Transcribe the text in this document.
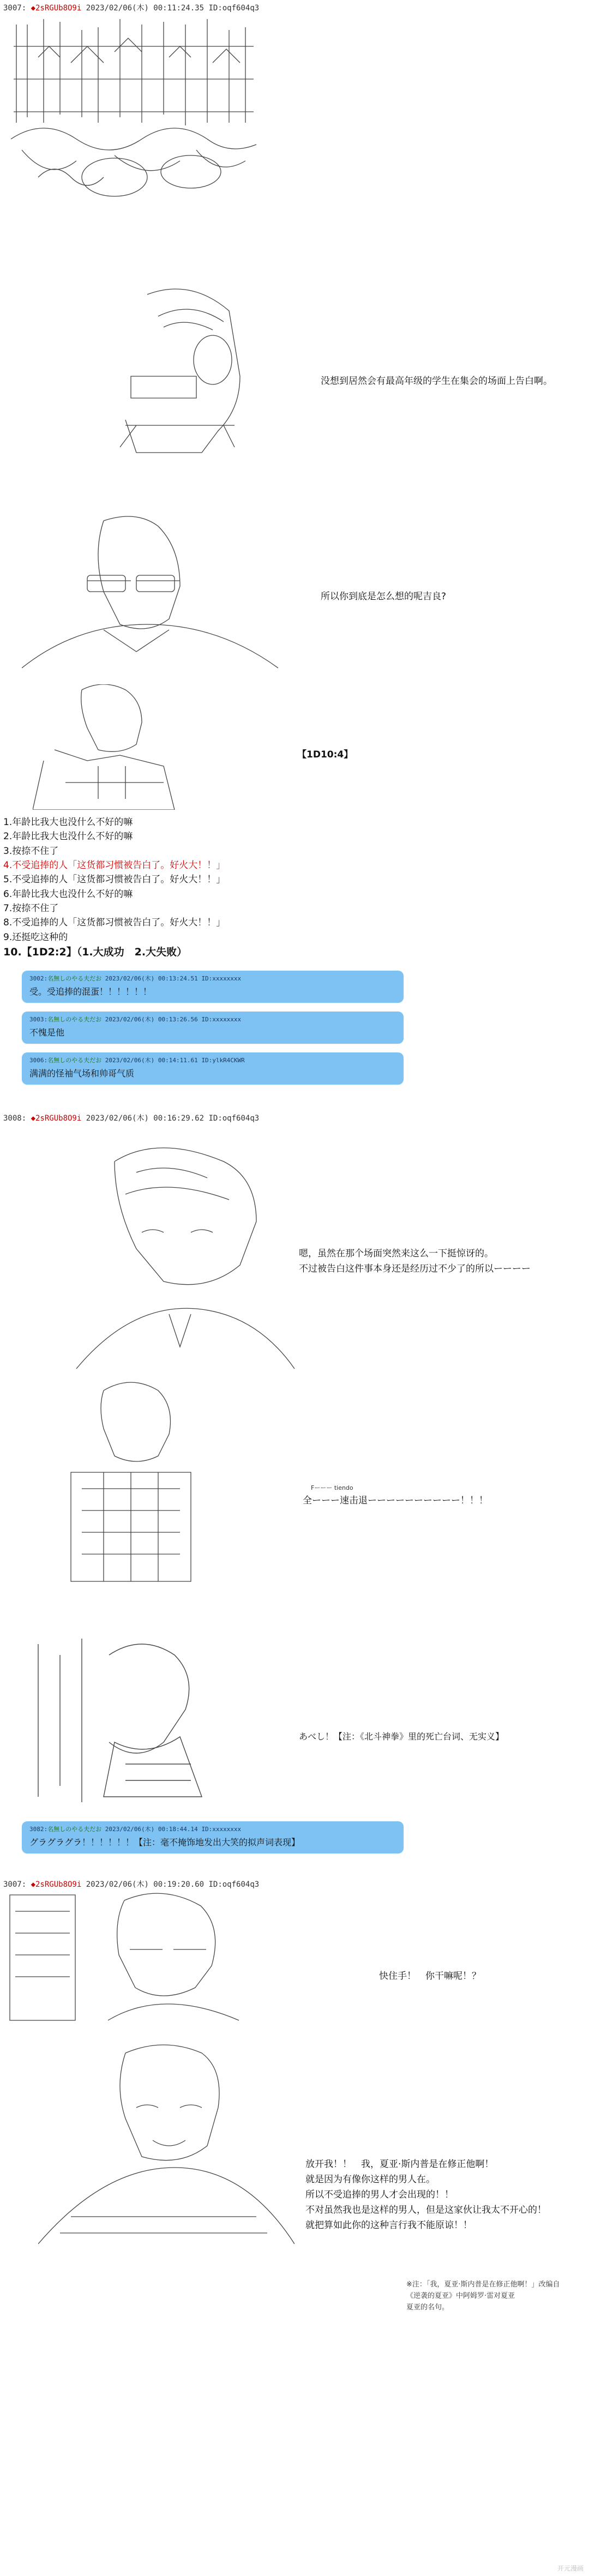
3007: ◆2sRGUb8O9i 2023/02/06(木) 00:11:24.35 ID:oqf604q3
没想到居然会有最高年级的学生在集会的场面上告白啊。
所以你到底是怎么想的呢吉良?
【1D10:4】
1.年龄比我大也没什么不好的嘛
2.年龄比我大也没什么不好的嘛
3.按捺不住了
4.不受追捧的人「这货都习惯被告白了。好火大！！」
5.不受追捧的人「这货都习惯被告白了。好火大！！」
6.年龄比我大也没什么不好的嘛
7.按捺不住了
8.不受追捧的人「这货都习惯被告白了。好火大！！」
9.还挺吃这种的
10.【1D2:2】（1.大成功　2.大失败）
3002:名無しのやる夫だお 2023/02/06(木) 00:13:24.51 ID:xxxxxxxx
受。受追捧的混蛋！！！！！！
3003:名無しのやる夫だお 2023/02/06(木) 00:13:26.56 ID:xxxxxxxx
不愧是他
3006:名無しのやる夫だお 2023/02/06(木) 00:14:11.61 ID:ylkR4CKWR
满满的怪袖气场和帅哥气质
3008: ◆2sRGUb8O9i 2023/02/06(木) 00:16:29.62 ID:oqf604q3
嗯，虽然在那个场面突然来这么一下挺惊讶的。
不过被告白这件事本身还是经历过不少了的所以ーーーー
Fーーー tiendo
全ーーー速击退ーーーーーーーーーー！！！
あべし！【注：《北斗神拳》里的死亡台词、无实义】
3082:名無しのやる夫だお 2023/02/06(木) 00:18:44.14 ID:xxxxxxxx
グラグラグラ！！！！！！【注：毫不掩饰地发出大笑的拟声词表现】
3007: ◆2sRGUb8O9i 2023/02/06(木) 00:19:20.60 ID:oqf604q3
快住手！　你干嘛呢！？
放开我！！　我，夏亚·斯内普是在修正他啊！
就是因为有像你这样的男人在。
所以不受追捧的男人才会出现的！！
不对虽然我也是这样的男人，但是这家伙让我太不开心的！
就把算如此你的这种言行我不能原谅！！
※注：「我，夏亚·斯内普是在修正他啊！」改编自
《逆袭的夏亚》中阿姆罗·雷对夏亚
夏亚的名句。
开元漫画
